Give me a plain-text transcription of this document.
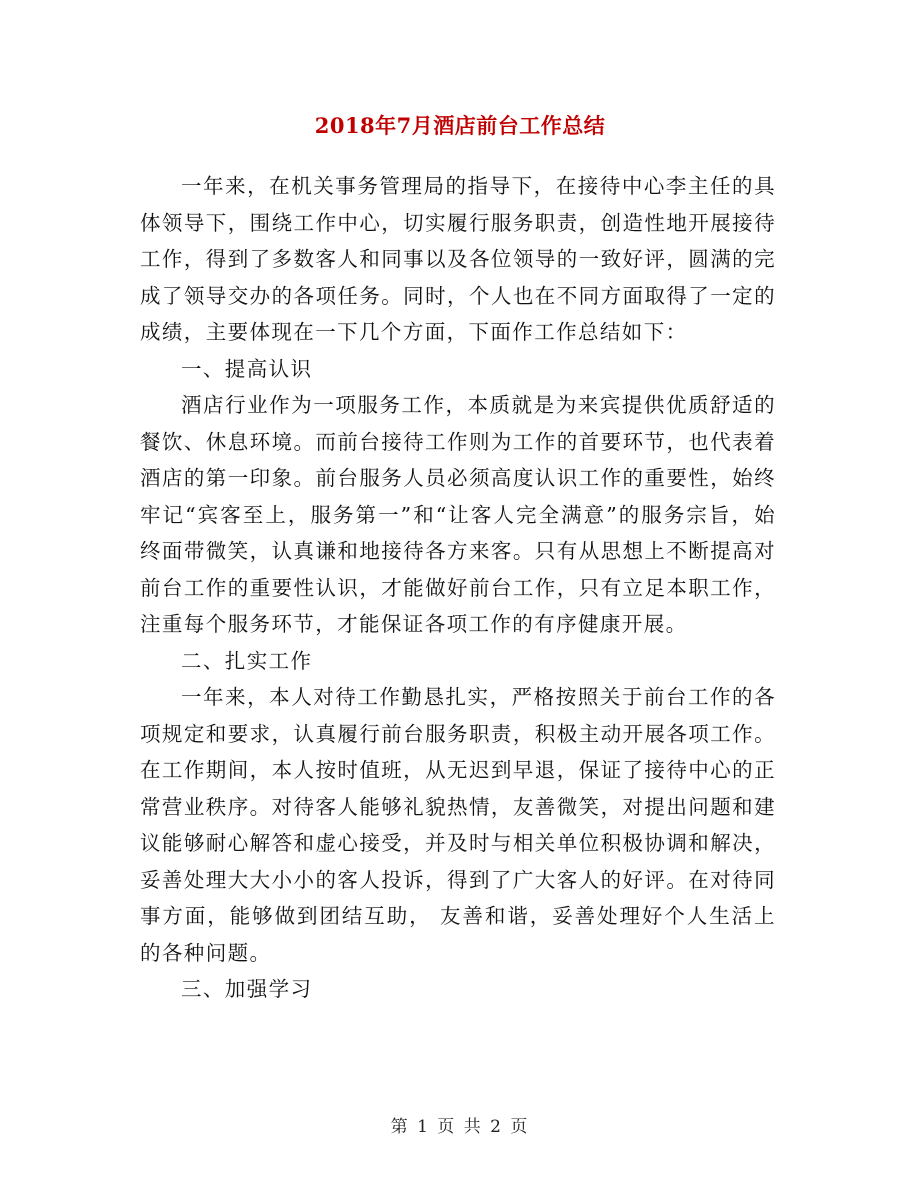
2018年7月酒店前台工作总结

一年来，在机关事务管理局的指导下，在接待中心李主任的具体领导下，围绕工作中心，切实履行服务职责，创造性地开展接待工作，得到了多数客人和同事以及各位领导的一致好评，圆满的完成了领导交办的各项任务。同时，个人也在不同方面取得了一定的成绩，主要体现在一下几个方面，下面作工作总结如下：

一、提高认识

酒店行业作为一项服务工作，本质就是为来宾提供优质舒适的餐饮、休息环境。而前台接待工作则为工作的首要环节，也代表着酒店的第一印象。前台服务人员必须高度认识工作的重要性，始终牢记“宾客至上，服务第一”和“让客人完全满意”的服务宗旨，始终面带微笑，认真谦和地接待各方来客。只有从思想上不断提高对前台工作的重要性认识，才能做好前台工作，只有立足本职工作，注重每个服务环节，才能保证各项工作的有序健康开展。

二、扎实工作

一年来，本人对待工作勤恳扎实，严格按照关于前台工作的各项规定和要求，认真履行前台服务职责，积极主动开展各项工作。在工作期间，本人按时值班，从无迟到早退，保证了接待中心的正常营业秩序。对待客人能够礼貌热情，友善微笑，对提出问题和建议能够耐心解答和虚心接受，并及时与相关单位积极协调和解决，妥善处理大大小小的客人投诉，得到了广大客人的好评。在对待同事方面，能够做到团结互助， 友善和谐，妥善处理好个人生活上的各种问题。

三、加强学习

第 1 页 共 2 页
